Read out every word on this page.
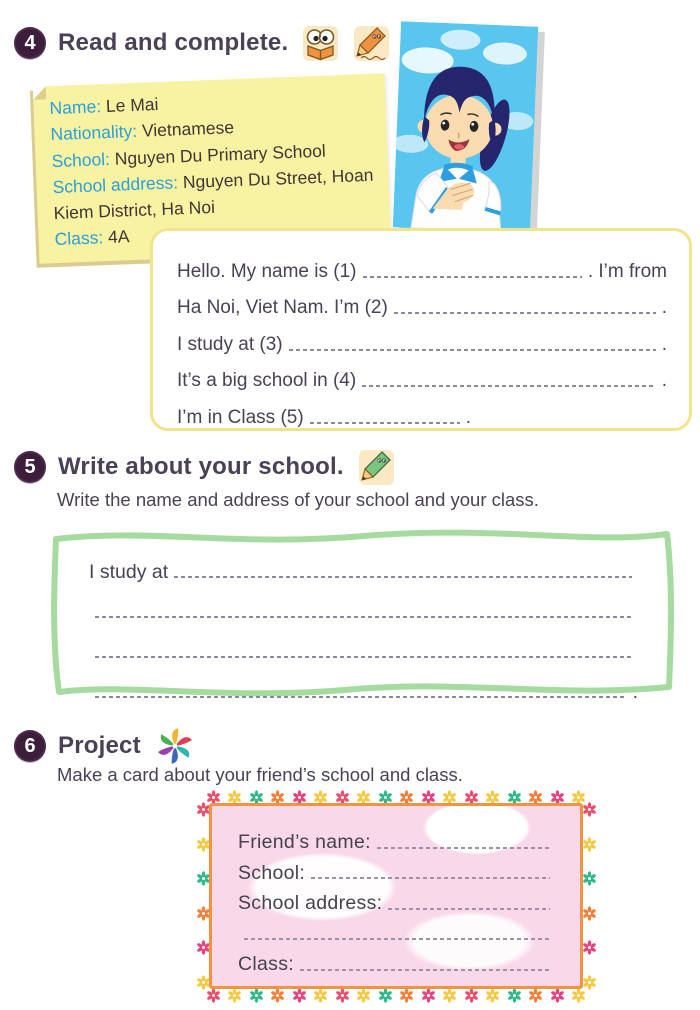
4 Read and complete.
Name: Le Mai
Nationality: Vietnamese
School: Nguyen Du Primary School
School address: Nguyen Du Street, Hoan Kiem District, Ha Noi
Class: 4A
Hello. My name is (1)	. I’m from
Ha Noi, Viet Nam. I’m (2)	.
I study at (3)	.
It’s a big school in (4)	.
I’m in Class (5)	.
5 Write about your school.
Write the name and address of your school and your class.
I study at
.
6 Project
Make a card about your friend’s school and class.
Friend’s name:
School:
School address:
Class:
